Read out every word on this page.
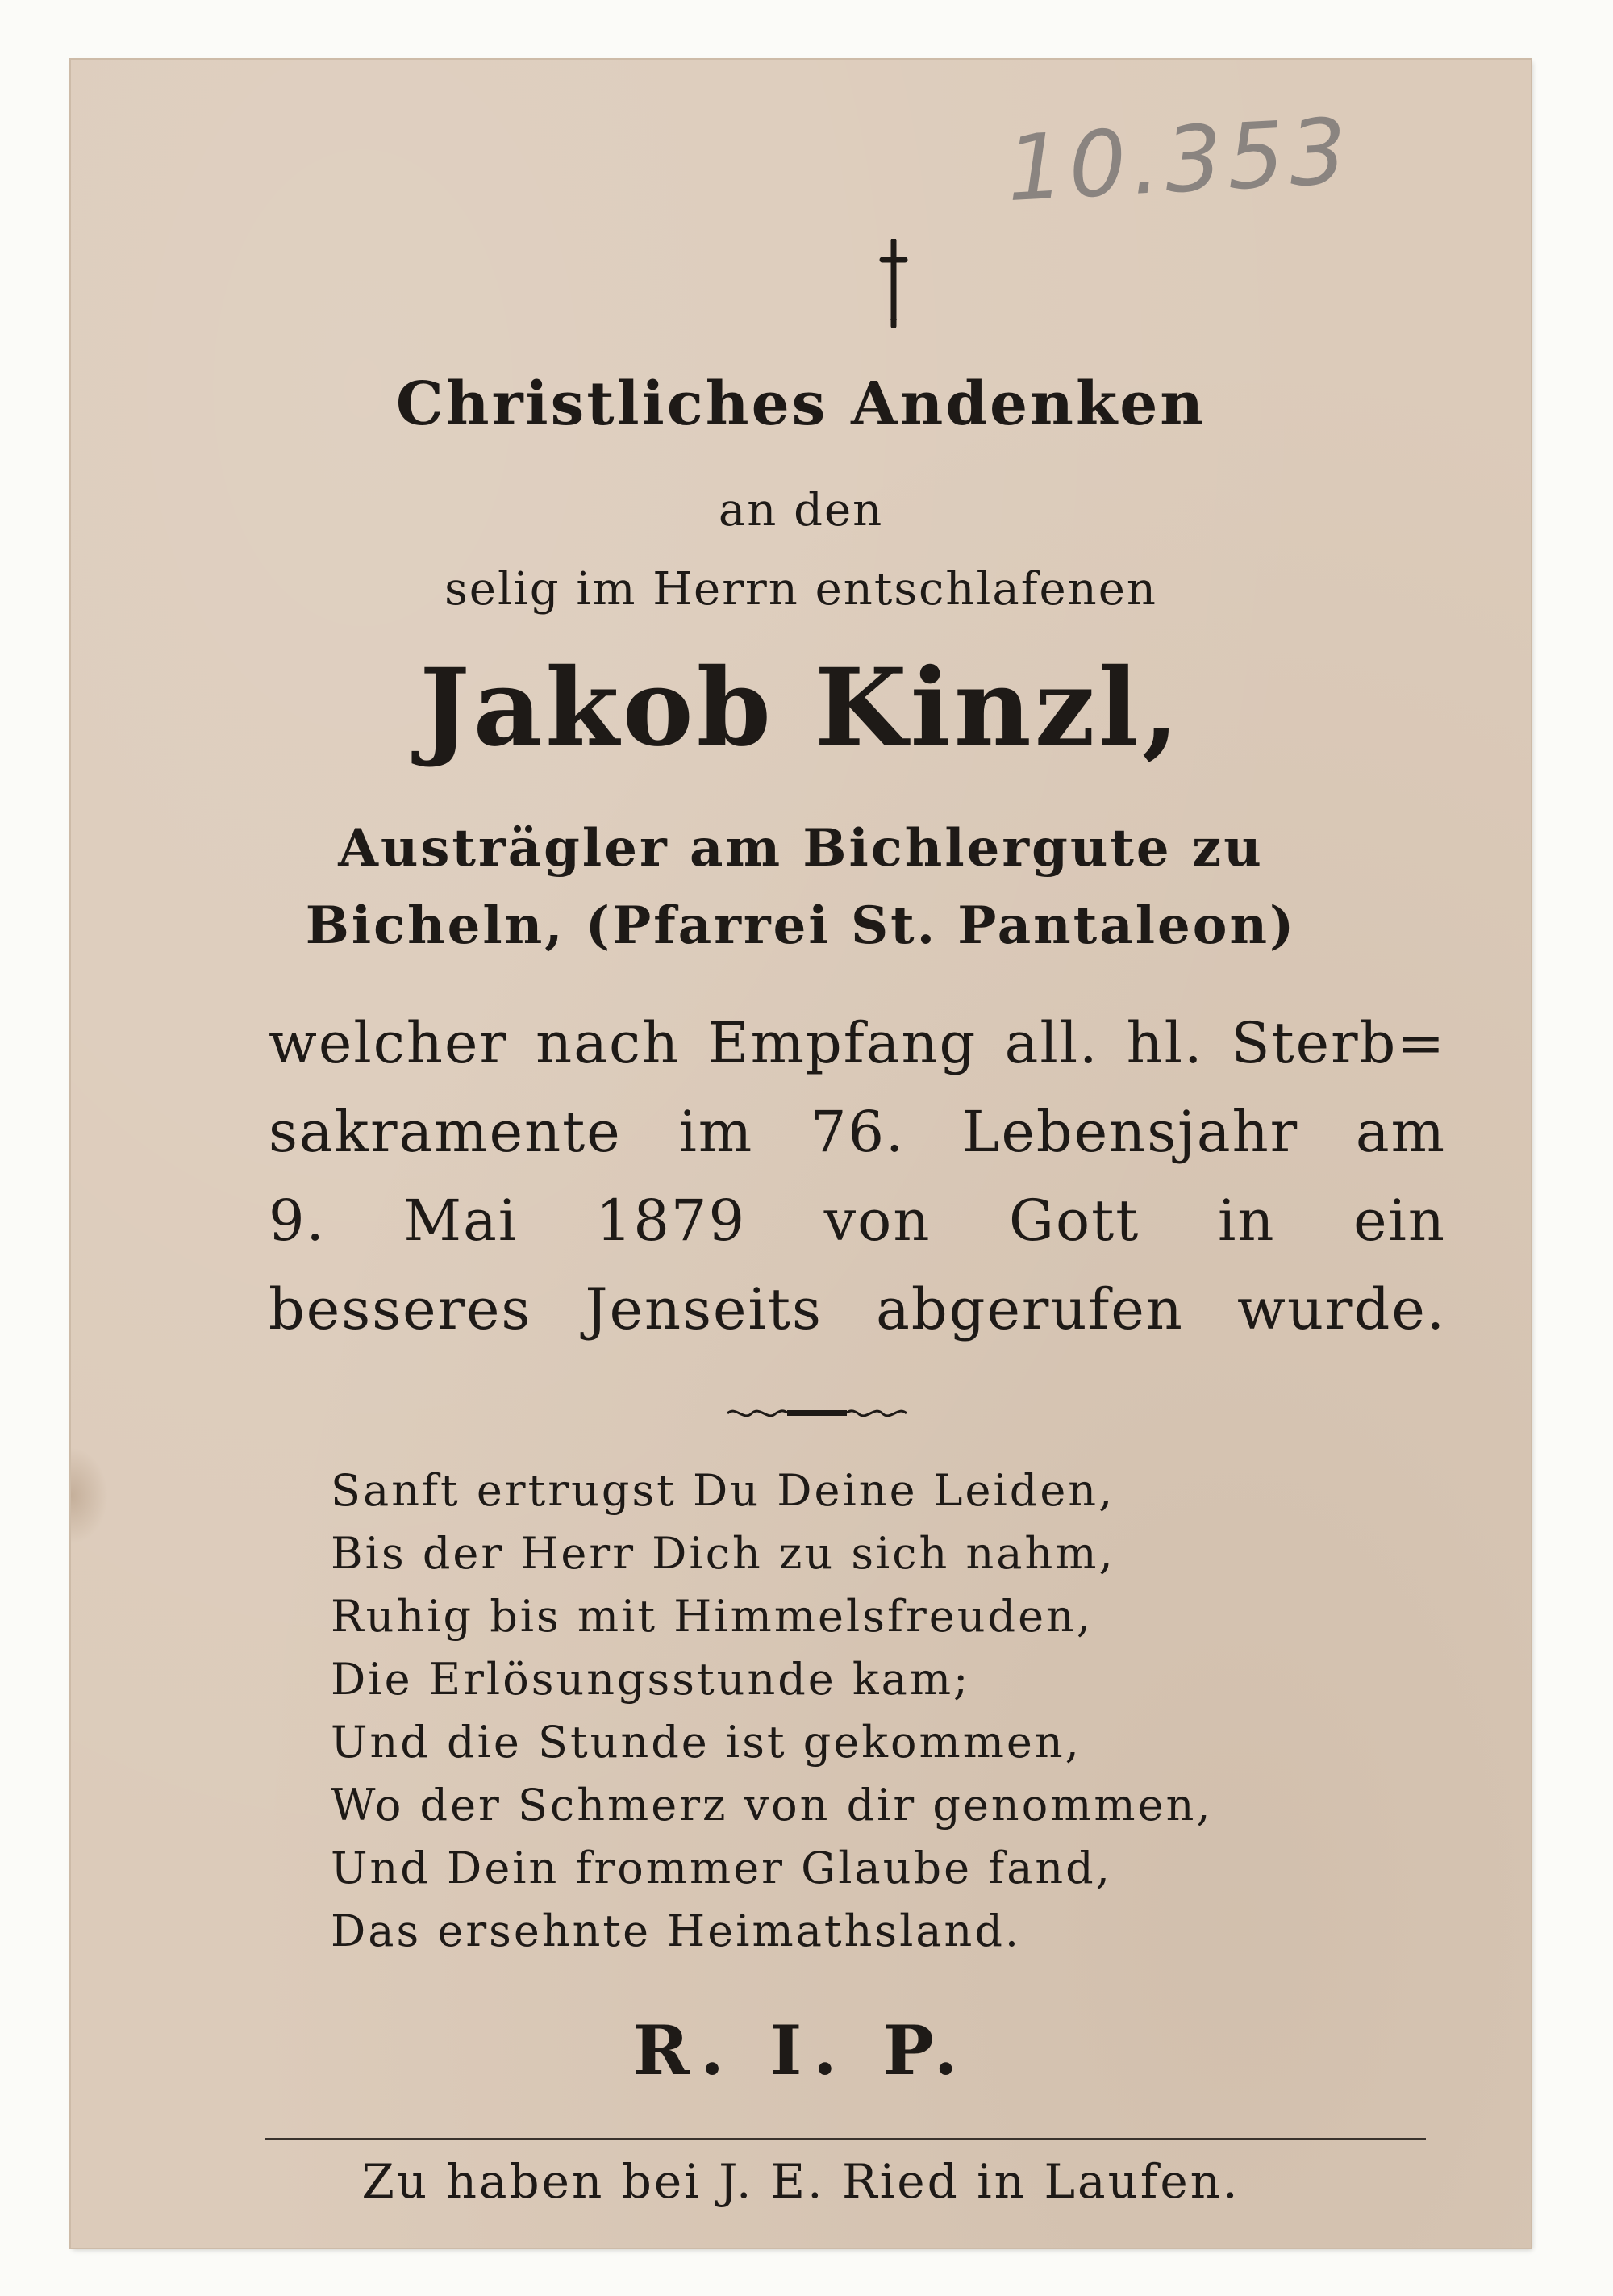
10.353
Christliches Andenken
an den
selig im Herrn entschlafenen
Jakob Kinzl,
Austrägler am Bichlergute zu
Bicheln, (Pfarrei St. Pantaleon)
welcher nach Empfang all. hl. Sterb=
sakramente im 76. Lebensjahr am
9. Mai 1879 von Gott in ein
besseres Jenseits abgerufen wurde.
Sanft ertrugst Du Deine Leiden,
Bis der Herr Dich zu sich nahm,
Ruhig bis mit Himmelsfreuden,
Die Erlösungsstunde kam;
Und die Stunde ist gekommen,
Wo der Schmerz von dir genommen,
Und Dein frommer Glaube fand,
Das ersehnte Heimathsland.
R. I. P.
Zu haben bei J. E. Ried in Laufen.
